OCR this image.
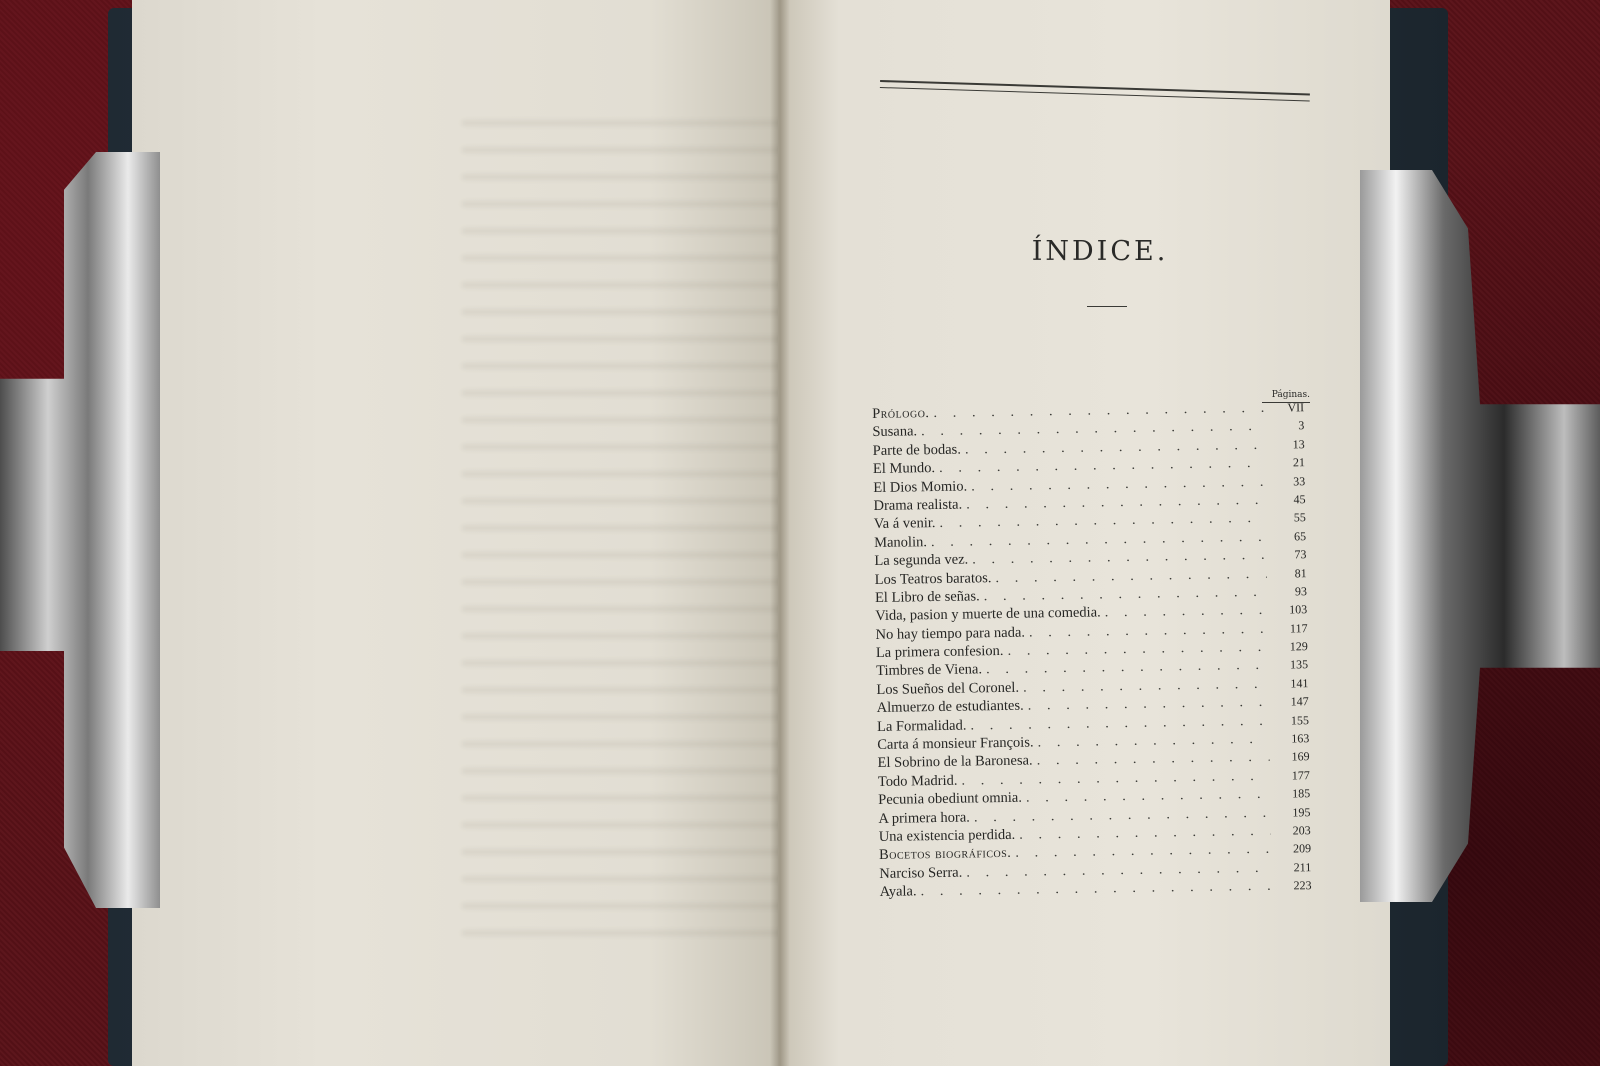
ÍNDICE.
Páginas.
Prólogo. . . .	VII
Susana. . . .	3
Parte de bodas. . . .	13
El Mundo. . . .	21
El Dios Momio. . . .	33
Drama realista. . . .	45
Va á venir. . . .	55
Manolin. . . .	65
La segunda vez. . . .	73
Los Teatros baratos. . . .	81
El Libro de señas. . . .	93
Vida, pasion y muerte de una comedia. . . .	103
No hay tiempo para nada. . . .	117
La primera confesion. . . .	129
Timbres de Viena. . . .	135
Los Sueños del Coronel. . . .	141
Almuerzo de estudiantes. . . .	147
La Formalidad. . . .	155
Carta á monsieur François. . . .	163
El Sobrino de la Baronesa. . . .	169
Todo Madrid. . . .	177
Pecunia obediunt omnia. . . .	185
A primera hora. . . .	195
Una existencia perdida. . . .	203
Bocetos biográficos. . . .	209
Narciso Serra. . . .	211
Ayala. . . .	223
